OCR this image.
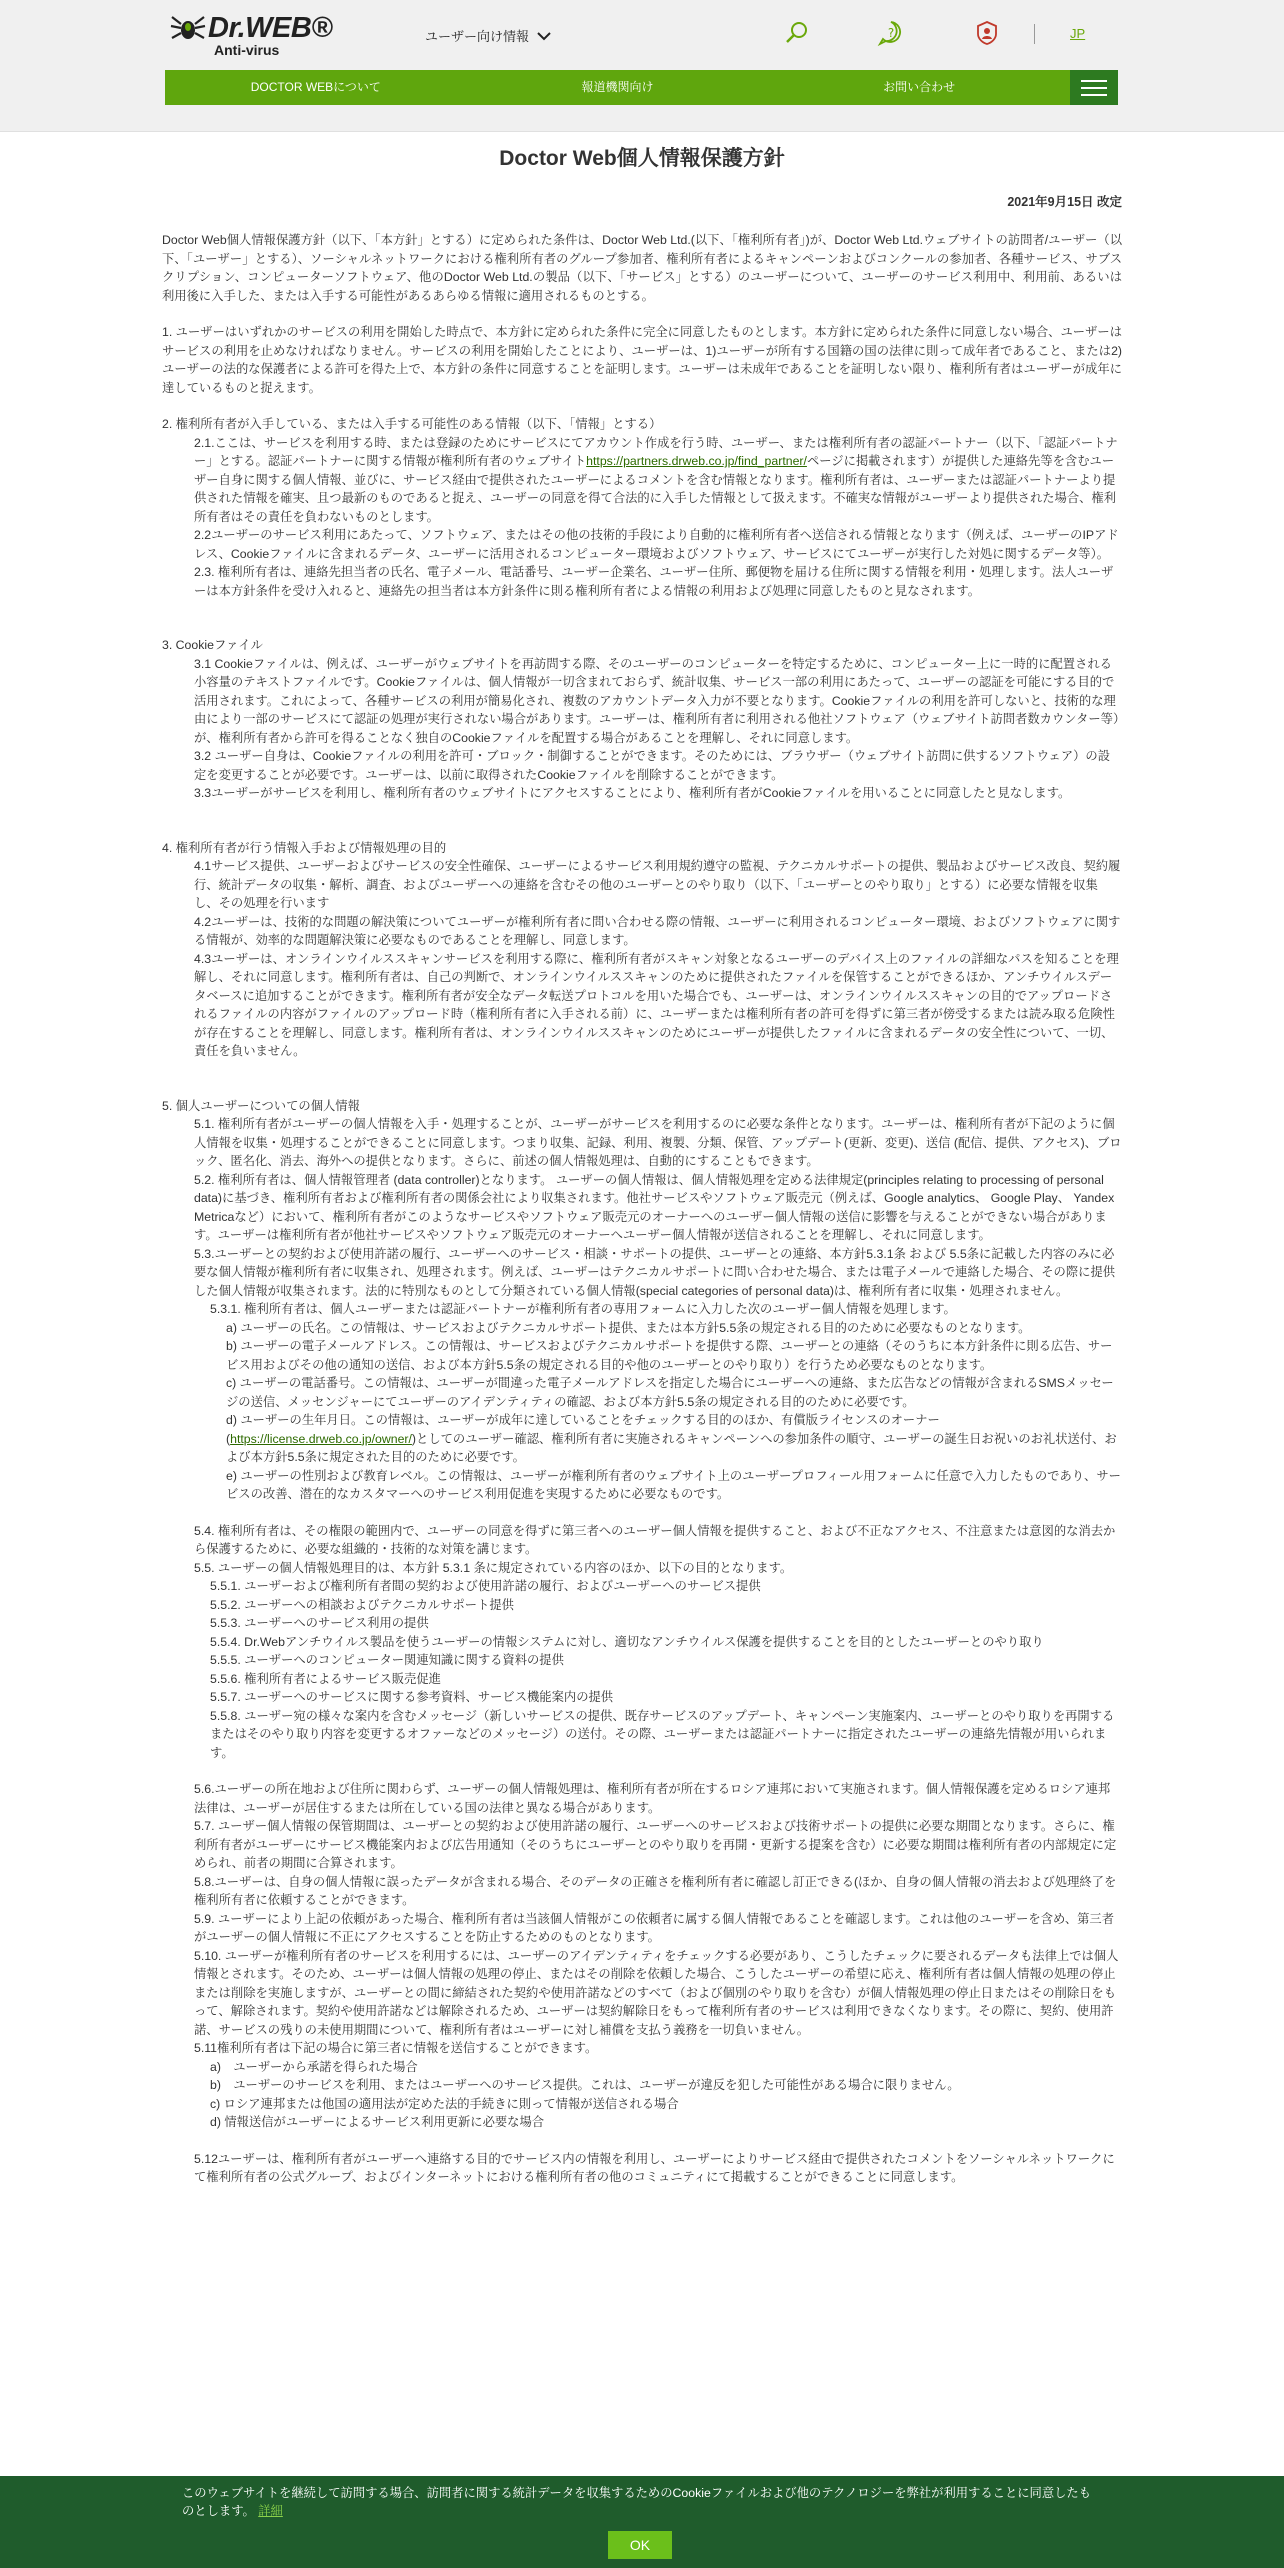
Dr.WEB®
Anti-virus
ユーザー向け情報	?	JP
DOCTOR WEBについて	報道機関向け	お問い合わせ
Doctor Web個人情報保護方針
2021年9月15日 改定

Doctor Web個人情報保護方針（以下、「本方針」とする）に定められた条件は、Doctor Web Ltd.(以下、「権利所有者」)が、Doctor Web Ltd.ウェブサイトの訪問者/ユーザー（以下、「ユーザー」とする）、ソーシャルネットワークにおける権利所有者のグループ参加者、権利所有者によるキャンペーンおよびコンクールの参加者、各種サービス、サブスクリプション、コンピューターソフトウェア、他のDoctor Web Ltd.の製品（以下、「サービス」とする）のユーザーについて、ユーザーのサービス利用中、利用前、あるいは利用後に入手した、または入手する可能性があるあらゆる情報に適用されるものとする。

1. ユーザーはいずれかのサービスの利用を開始した時点で、本方針に定められた条件に完全に同意したものとします。本方針に定められた条件に同意しない場合、ユーザーはサービスの利用を止めなければなりません。サービスの利用を開始したことにより、ユーザーは、1)ユーザーが所有する国籍の国の法律に則って成年者であること、または2)ユーザーの法的な保護者による許可を得た上で、本方針の条件に同意することを証明します。ユーザーは未成年であることを証明しない限り、権利所有者はユーザーが成年に達しているものと捉えます。

2. 権利所有者が入手している、または入手する可能性のある情報（以下、「情報」とする）
2.1.ここは、サービスを利用する時、または登録のためにサービスにてアカウント作成を行う時、ユーザー、または権利所有者の認証パートナー（以下、「認証パートナー」とする。認証パートナーに関する情報が権利所有者のウェブサイトhttps://partners.drweb.co.jp/find_partner/ページに掲載されます）が提供した連絡先等を含むユーザー自身に関する個人情報、並びに、サービス経由で提供されたユーザーによるコメントを含む情報となります。権利所有者は、ユーザーまたは認証パートナーより提供された情報を確実、且つ最新のものであると捉え、ユーザーの同意を得て合法的に入手した情報として扱えます。不確実な情報がユーザーより提供された場合、権利所有者はその責任を負わないものとします。
2.2ユーザーのサービス利用にあたって、ソフトウェア、またはその他の技術的手段により自動的に権利所有者へ送信される情報となります（例えば、ユーザーのIPアドレス、Cookieファイルに含まれるデータ、ユーザーに活用されるコンピューター環境およびソフトウェア、サービスにてユーザーが実行した対処に関するデータ等）。
2.3. 権利所有者は、連絡先担当者の氏名、電子メール、電話番号、ユーザー企業名、ユーザー住所、郵便物を届ける住所に関する情報を利用・処理します。法人ユーザーは本方針条件を受け入れると、連絡先の担当者は本方針条件に則る権利所有者による情報の利用および処理に同意したものと見なされます。
3. Cookieファイル
3.1 Cookieファイルは、例えば、ユーザーがウェブサイトを再訪問する際、そのユーザーのコンピューターを特定するために、コンピューター上に一時的に配置される小容量のテキストファイルです。Cookieファイルは、個人情報が一切含まれておらず、統計収集、サービス一部の利用にあたって、ユーザーの認証を可能にする目的で活用されます。これによって、各種サービスの利用が簡易化され、複数のアカウントデータ入力が不要となります。Cookieファイルの利用を許可しないと、技術的な理由により一部のサービスにて認証の処理が実行されない場合があります。ユーザーは、権利所有者に利用される他社ソフトウェア（ウェブサイト訪問者数カウンター等）が、権利所有者から許可を得ることなく独自のCookieファイルを配置する場合があることを理解し、それに同意します。
3.2 ユーザー自身は、Cookieファイルの利用を許可・ブロック・制御することができます。そのためには、ブラウザー（ウェブサイト訪問に供するソフトウェア）の設定を変更することが必要です。ユーザーは、以前に取得されたCookieファイルを削除することができます。
3.3ユーザーがサービスを利用し、権利所有者のウェブサイトにアクセスすることにより、権利所有者がCookieファイルを用いることに同意したと見なします。
4. 権利所有者が行う情報入手および情報処理の目的
4.1サービス提供、ユーザーおよびサービスの安全性確保、ユーザーによるサービス利用規約遵守の監視、テクニカルサポートの提供、製品およびサービス改良、契約履行、統計データの収集・解析、調査、およびユーザーへの連絡を含むその他のユーザーとのやり取り（以下、「ユーザーとのやり取り」とする）に必要な情報を収集し、その処理を行います
4.2ユーザーは、技術的な問題の解決策についてユーザーが権利所有者に問い合わせる際の情報、ユーザーに利用されるコンピューター環境、およびソフトウェアに関する情報が、効率的な問題解決策に必要なものであることを理解し、同意します。
4.3ユーザーは、オンラインウイルススキャンサービスを利用する際に、権利所有者がスキャン対象となるユーザーのデバイス上のファイルの詳細なパスを知ることを理解し、それに同意します。権利所有者は、自己の判断で、オンラインウイルススキャンのために提供されたファイルを保管することができるほか、アンチウイルスデータベースに追加することができます。権利所有者が安全なデータ転送プロトコルを用いた場合でも、ユーザーは、オンラインウイルススキャンの目的でアップロードされるファイルの内容がファイルのアップロード時（権利所有者に入手される前）に、ユーザーまたは権利所有者の許可を得ずに第三者が傍受するまたは読み取る危険性が存在することを理解し、同意します。権利所有者は、オンラインウイルススキャンのためにユーザーが提供したファイルに含まれるデータの安全性について、一切、責任を負いません。
5. 個人ユーザーについての個人情報
5.1. 権利所有者がユーザーの個人情報を入手・処理することが、ユーザーがサービスを利用するのに必要な条件となります。ユーザーは、権利所有者が下記のように個人情報を収集・処理することができることに同意します。つまり収集、記録、利用、複製、分類、保管、アップデート(更新、変更)、送信 (配信、提供、アクセス)、ブロック、匿名化、消去、海外への提供となります。さらに、前述の個人情報処理は、自動的にすることもできます。
5.2. 権利所有者は、個人情報管理者 (data controller)となります。 ユーザーの個人情報は、個人情報処理を定める法律規定(principles relating to processing of personal data)に基づき、権利所有者および権利所有者の関係会社により収集されます。他社サービスやソフトウェア販売元（例えば、Google analytics、 Google Play、 Yandex Metricaなど）において、権利所有者がこのようなサービスやソフトウェア販売元のオーナーへのユーザー個人情報の送信に影響を与えることができない場合があります。ユーザーは権利所有者が他社サービスやソフトウェア販売元のオーナーへユーザー個人情報が送信されることを理解し、それに同意します。
5.3.ユーザーとの契約および使用許諾の履行、ユーザーへのサービス・相談・サポートの提供、ユーザーとの連絡、本方針5.3.1条 および 5.5条に記載した内容のみに必要な個人情報が権利所有者に収集され、処理されます。例えば、ユーザーはテクニカルサポートに問い合わせた場合、または電子メールで連絡した場合、その際に提供した個人情報が収集されます。法的に特別なものとして分類されている個人情報(special categories of personal data)は、権利所有者に収集・処理されません。
5.3.1. 権利所有者は、個人ユーザーまたは認証パートナーが権利所有者の専用フォームに入力した次のユーザー個人情報を処理します。
a) ユーザーの氏名。この情報は、サービスおよびテクニカルサポート提供、または本方針5.5条の規定される目的のために必要なものとなります。
b) ユーザーの電子メールアドレス。この情報は、サービスおよびテクニカルサポートを提供する際、ユーザーとの連絡（そのうちに本方針条件に則る広告、サービス用およびその他の通知の送信、および本方針5.5条の規定される目的や他のユーザーとのやり取り）を行うため必要なものとなります。
c) ユーザーの電話番号。この情報は、ユーザーが間違った電子メールアドレスを指定した場合にユーザーへの連絡、また広告などの情報が含まれるSMSメッセージの送信、メッセンジャーにてユーザーのアイデンティティの確認、および本方針5.5条の規定される目的のために必要です。
d) ユーザーの生年月日。この情報は、ユーザーが成年に達していることをチェックする目的のほか、有償版ライセンスのオーナー (https://license.drweb.co.jp/owner/)としてのユーザー確認、権利所有者に実施されるキャンペーンへの参加条件の順守、ユーザーの誕生日お祝いのお礼状送付、および本方針5.5条に規定された目的のために必要です。
e) ユーザーの性別および教育レベル。この情報は、ユーザーが権利所有者のウェブサイト上のユーザープロフィール用フォームに任意で入力したものであり、サービスの改善、潜在的なカスタマーへのサービス利用促進を実現するために必要なものです。
5.4. 権利所有者は、その権限の範囲内で、ユーザーの同意を得ずに第三者へのユーザー個人情報を提供すること、および不正なアクセス、不注意または意図的な消去から保護するために、必要な組織的・技術的な対策を講じます。
5.5. ユーザーの個人情報処理目的は、本方針 5.3.1 条に規定されている内容のほか、以下の目的となります。
5.5.1. ユーザーおよび権利所有者間の契約および使用許諾の履行、およびユーザーへのサービス提供
5.5.2. ユーザーへの相談およびテクニカルサポート提供
5.5.3. ユーザーへのサービス利用の提供
5.5.4. Dr.Webアンチウイルス製品を使うユーザーの情報システムに対し、適切なアンチウイルス保護を提供することを目的としたユーザーとのやり取り
5.5.5. ユーザーへのコンピューター関連知識に関する資料の提供
5.5.6. 権利所有者によるサービス販売促進
5.5.7. ユーザーへのサービスに関する参考資料、サービス機能案内の提供
5.5.8. ユーザー宛の様々な案内を含むメッセージ（新しいサービスの提供、既存サービスのアップデート、キャンペーン実施案内、ユーザーとのやり取りを再開するまたはそのやり取り内容を変更するオファーなどのメッセージ）の送付。その際、ユーザーまたは認証パートナーに指定されたユーザーの連絡先情報が用いられます。
5.6.ユーザーの所在地および住所に関わらず、ユーザーの個人情報処理は、権利所有者が所在するロシア連邦において実施されます。個人情報保護を定めるロシア連邦法律は、ユーザーが居住するまたは所在している国の法律と異なる場合があります。
5.7. ユーザー個人情報の保管期間は、ユーザーとの契約および使用許諾の履行、ユーザーへのサービスおよび技術サポートの提供に必要な期間となります。さらに、権利所有者がユーザーにサービス機能案内および広告用通知（そのうちにユーザーとのやり取りを再開・更新する提案を含む）に必要な期間は権利所有者の内部規定に定められ、前者の期間に合算されます。
5.8.ユーザーは、自身の個人情報に誤ったデータが含まれる場合、そのデータの正確さを権利所有者に確認し訂正できる(ほか、自身の個人情報の消去および処理終了を権利所有者に依頼することができます。
5.9. ユーザーにより上記の依頼があった場合、権利所有者は当該個人情報がこの依頼者に属する個人情報であることを確認します。これは他のユーザーを含め、第三者がユーザーの個人情報に不正にアクセスすることを防止するためのものとなります。
5.10. ユーザーが権利所有者のサービスを利用するには、ユーザーのアイデンティティをチェックする必要があり、こうしたチェックに要されるデータも法律上では個人情報とされます。そのため、ユーザーは個人情報の処理の停止、またはその削除を依頼した場合、こうしたユーザーの希望に応え、権利所有者は個人情報の処理の停止または削除を実施しますが、ユーザーとの間に締結された契約や使用許諾などのすべて（および個別のやり取りを含む）が個人情報処理の停止日またはその削除日をもって、解除されます。契約や使用許諾などは解除されるため、ユーザーは契約解除日をもって権利所有者のサービスは利用できなくなります。その際に、契約、使用許諾、サービスの残りの未使用期間について、権利所有者はユーザーに対し補償を支払う義務を一切負いません。
5.11権利所有者は下記の場合に第三者に情報を送信することができます。
a)　ユーザーから承諾を得られた場合
b)　ユーザーのサービスを利用、またはユーザーへのサービス提供。これは、ユーザーが違反を犯した可能性がある場合に限りません。
c) ロシア連邦または他国の適用法が定めた法的手続きに則って情報が送信される場合
d) 情報送信がユーザーによるサービス利用更新に必要な場合
5.12ユーザーは、権利所有者がユーザーへ連絡する目的でサービス内の情報を利用し、ユーザーによりサービス経由で提供されたコメントをソーシャルネットワークにて権利所有者の公式グループ、およびインターネットにおける権利所有者の他のコミュニティにて掲載することができることに同意します。
このウェブサイトを継続して訪問する場合、訪問者に関する統計データを収集するためのCookieファイルおよび他のテクノロジーを弊社が利用することに同意したものとします。 詳細
OK
